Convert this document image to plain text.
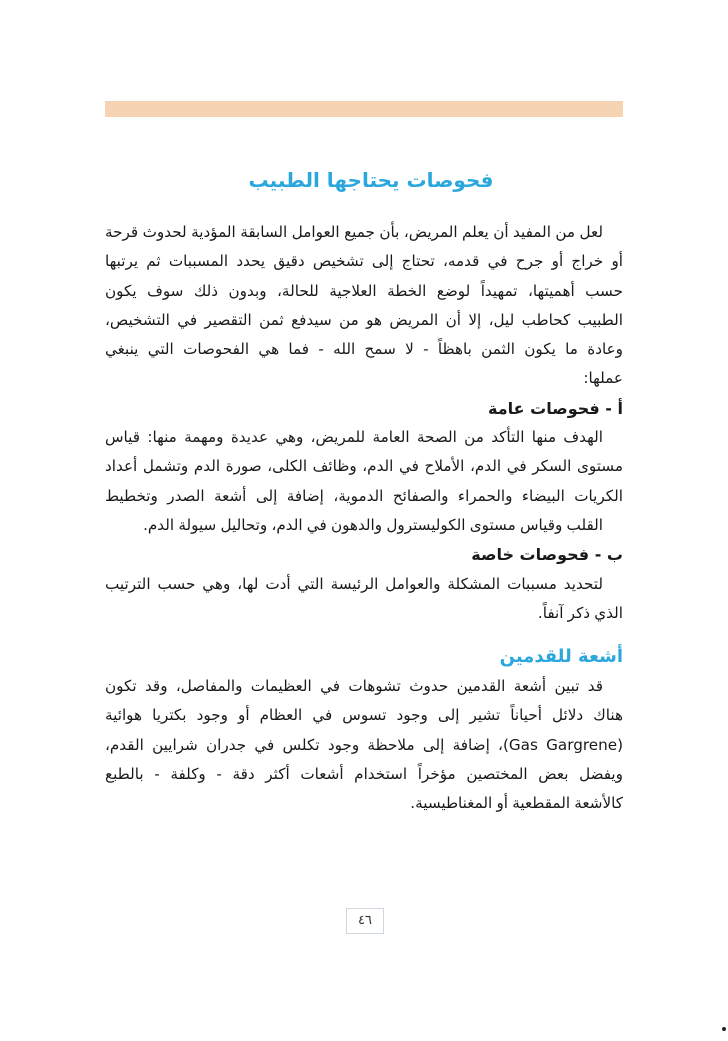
فحوصات يحتاجها الطبيب
لعل من المفيد أن يعلم المريض، بأن جميع العوامل السابقة المؤدية لحدوث قرحة
أو خراج أو جرح في قدمه، تحتاج إلى تشخيص دقيق يحدد المسببات ثم يرتبها
حسب أهميتها، تمهيداً لوضع الخطة العلاجية للحالة، وبدون ذلك سوف يكون
الطبيب كحاطب ليل، إلا أن المريض هو من سيدفع ثمن التقصير في التشخيص،
وعادة ما يكون الثمن باهظاً - لا سمح الله - فما هي الفحوصات التي ينبغي
عملها:
أ - فحوصات عامة
الهدف منها التأكد من الصحة العامة للمريض، وهي عديدة ومهمة منها: قياس
مستوى السكر في الدم، الأملاح في الدم، وظائف الكلى، صورة الدم وتشمل أعداد
الكريات البيضاء والحمراء والصفائح الدموية، إضافة إلى أشعة الصدر وتخطيط
القلب وقياس مستوى الكوليسترول والدهون في الدم، وتحاليل سيولة الدم.
ب - فحوصات خاصة
لتحديد مسببات المشكلة والعوامل الرئيسة التي أدت لها، وهي حسب الترتيب
الذي ذكر آنفاً.
أشعة للقدمين
قد تبين أشعة القدمين حدوث تشوهات في العظيمات والمفاصل، وقد تكون
هناك دلائل أحياناً تشير إلى وجود تسوس في العظام أو وجود بكتريا هوائية
(Gas Gargrene)، إضافة إلى ملاحظة وجود تكلس في جدران شرايين القدم،
ويفضل بعض المختصين مؤخراً استخدام أشعات أكثر دقة - وكلفة - بالطبع
كالأشعة المقطعية أو المغناطيسية.
٤٦
